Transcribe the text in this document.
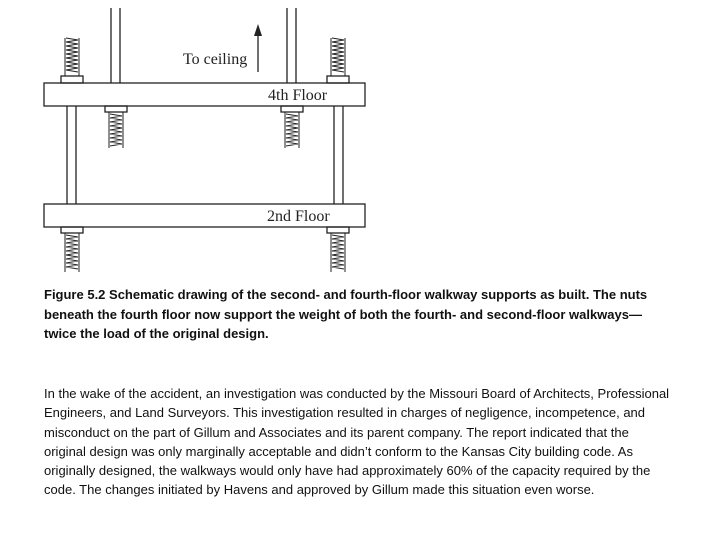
To ceiling
4th Floor
2nd Floor

Figure 5.2 Schematic drawing of the second- and fourth-floor walkway supports as built. The nuts beneath the fourth floor now support the weight of both the fourth- and second-floor walkways—twice the load of the original design.

In the wake of the accident, an investigation was conducted by the Missouri Board of Architects, Professional Engineers, and Land Surveyors. This investigation resulted in charges of negligence, incompetence, and misconduct on the part of Gillum and Associates and its parent company. The report indicated that the original design was only marginally acceptable and didn’t conform to the Kansas City building code. As originally designed, the walkways would only have had approximately 60% of the capacity required by the code. The changes initiated by Havens and approved by Gillum made this situation even worse.
